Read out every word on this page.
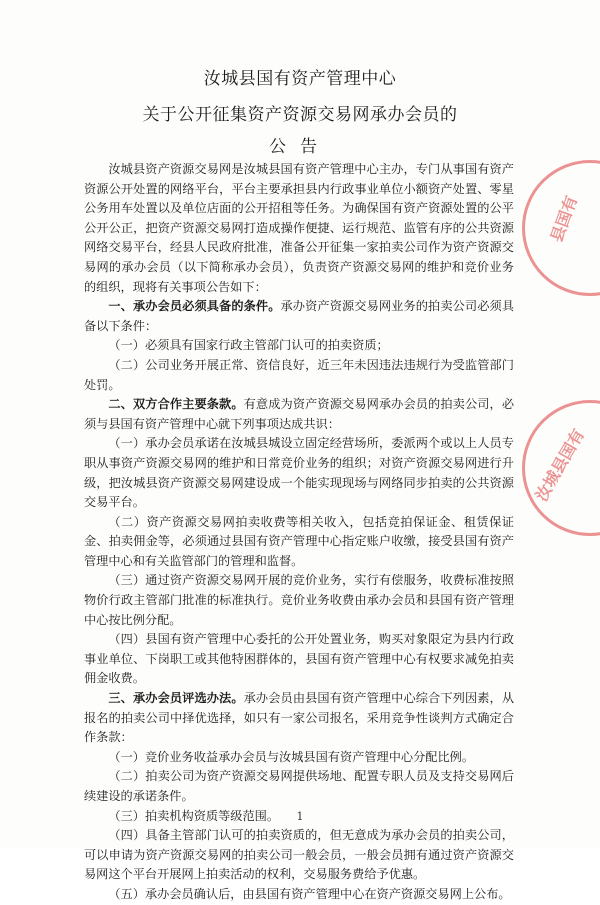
汝城县国有资产管理中心
关于公开征集资产资源交易网承办会员的
公告

汝城县资产资源交易网是汝城县国有资产管理中心主办，专门从事国有资产资源公开处置的网络平台，平台主要承担县内行政事业单位小额资产处置、零星公务用车处置以及单位店面的公开招租等任务。为确保国有资产资源处置的公平公开公正，把资产资源交易网打造成操作便捷、运行规范、监管有序的公共资源网络交易平台，经县人民政府批准，准备公开征集一家拍卖公司作为资产资源交易网的承办会员（以下简称承办会员），负责资产资源交易网的维护和竞价业务的组织，现将有关事项公告如下：

一、承办会员必须具备的条件。承办资产资源交易网业务的拍卖公司必须具备以下条件：

（一）必须具有国家行政主管部门认可的拍卖资质；

（二）公司业务开展正常、资信良好，近三年未因违法违规行为受监管部门处罚。

二、双方合作主要条款。有意成为资产资源交易网承办会员的拍卖公司，必须与县国有资产管理中心就下列事项达成共识：

（一）承办会员承诺在汝城县城设立固定经营场所，委派两个或以上人员专职从事资产资源交易网的维护和日常竞价业务的组织；对资产资源交易网进行升级，把汝城县资产资源交易网建设成一个能实现现场与网络同步拍卖的公共资源交易平台。

（二）资产资源交易网拍卖收费等相关收入，包括竞拍保证金、租赁保证金、拍卖佣金等，必须通过县国有资产管理中心指定账户收缴，接受县国有资产管理中心和有关监管部门的管理和监督。

（三）通过资产资源交易网开展的竞价业务，实行有偿服务，收费标准按照物价行政主管部门批准的标准执行。竞价业务收费由承办会员和县国有资产管理中心按比例分配。

（四）县国有资产管理中心委托的公开处置业务，购买对象限定为县内行政事业单位、下岗职工或其他特困群体的，县国有资产管理中心有权要求减免拍卖佣金收费。

三、承办会员评选办法。承办会员由县国有资产管理中心综合下列因素，从报名的拍卖公司中择优选择，如只有一家公司报名，采用竞争性谈判方式确定合作条款：

（一）竞价业务收益承办会员与汝城县国有资产管理中心分配比例。

（二）拍卖公司为资产资源交易网提供场地、配置专职人员及支持交易网后续建设的承诺条件。

（三）拍卖机构资质等级范围。

（四）具备主管部门认可的拍卖资质的，但无意成为承办会员的拍卖公司，可以申请为资产资源交易网的拍卖公司一般会员，一般会员拥有通过资产资源交易网这个平台开展网上拍卖活动的权利，交易服务费给予优惠。

（五）承办会员确认后，由县国有资产管理中心在资产资源交易网上公布。

县国有
汝城县国有
1
